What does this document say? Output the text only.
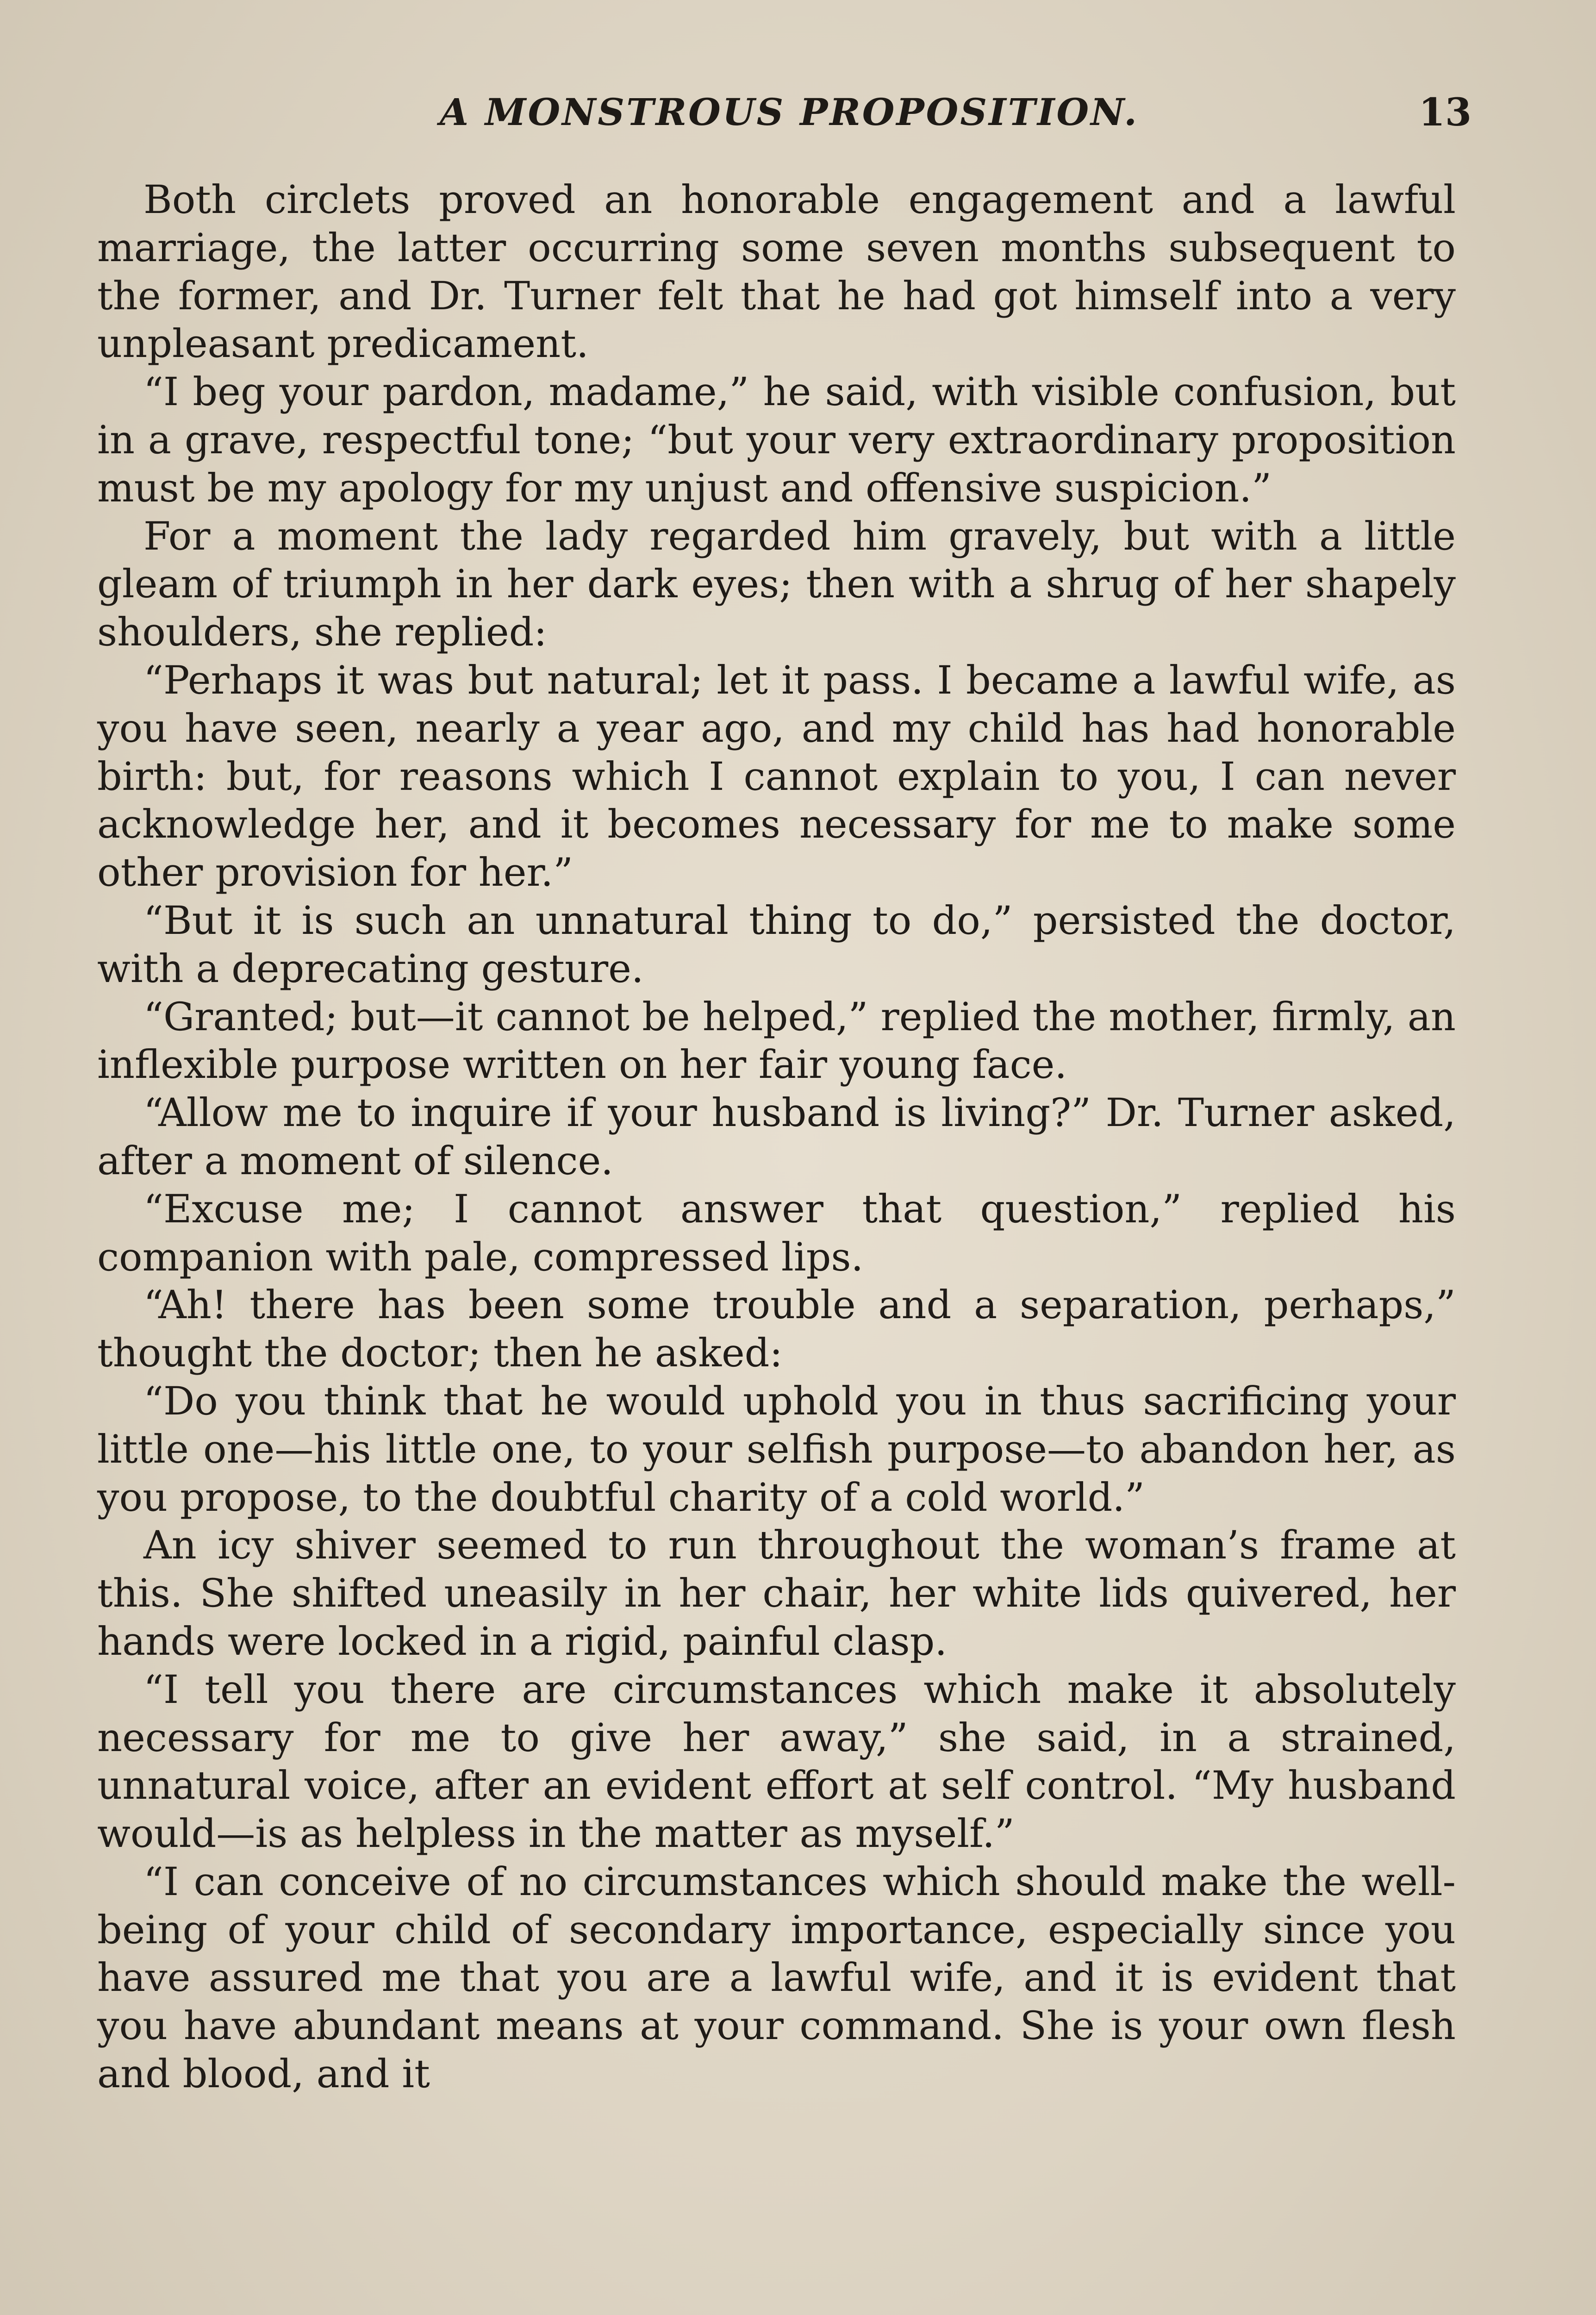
A MONSTROUS PROPOSITION.	13

Both circlets proved an honorable engagement and a lawful marriage, the latter occurring some seven months subsequent to the former, and Dr. Turner felt that he had got himself into a very unpleasant predicament.

“I beg your pardon, madame,” he said, with visible confusion, but in a grave, respectful tone; “but your very extraordinary proposition must be my apology for my unjust and offensive suspicion.”

For a moment the lady regarded him gravely, but with a little gleam of triumph in her dark eyes; then with a shrug of her shapely shoulders, she replied:

“Perhaps it was but natural; let it pass. I became a lawful wife, as you have seen, nearly a year ago, and my child has had honorable birth: but, for reasons which I cannot explain to you, I can never acknowledge her, and it becomes necessary for me to make some other provision for her.”

“But it is such an unnatural thing to do,” persisted the doctor, with a deprecating gesture.

“Granted; but—it cannot be helped,” replied the mother, firmly, an inflexible purpose written on her fair young face.

“Allow me to inquire if your husband is living?” Dr. Turner asked, after a moment of silence.

“Excuse me; I cannot answer that question,” replied his companion with pale, compressed lips.

“Ah! there has been some trouble and a separation, perhaps,” thought the doctor; then he asked:

“Do you think that he would uphold you in thus sacrificing your little one—his little one, to your selfish purpose—to abandon her, as you propose, to the doubtful charity of a cold world.”

An icy shiver seemed to run throughout the woman’s frame at this. She shifted uneasily in her chair, her white lids quivered, her hands were locked in a rigid, painful clasp.

“I tell you there are circumstances which make it absolutely necessary for me to give her away,” she said, in a strained, unnatural voice, after an evident effort at self control. “My husband would—is as helpless in the matter as myself.”

“I can conceive of no circumstances which should make the well-being of your child of secondary importance, especially since you have assured me that you are a lawful wife, and it is evident that you have abundant means at your command. She is your own flesh and blood, and it
